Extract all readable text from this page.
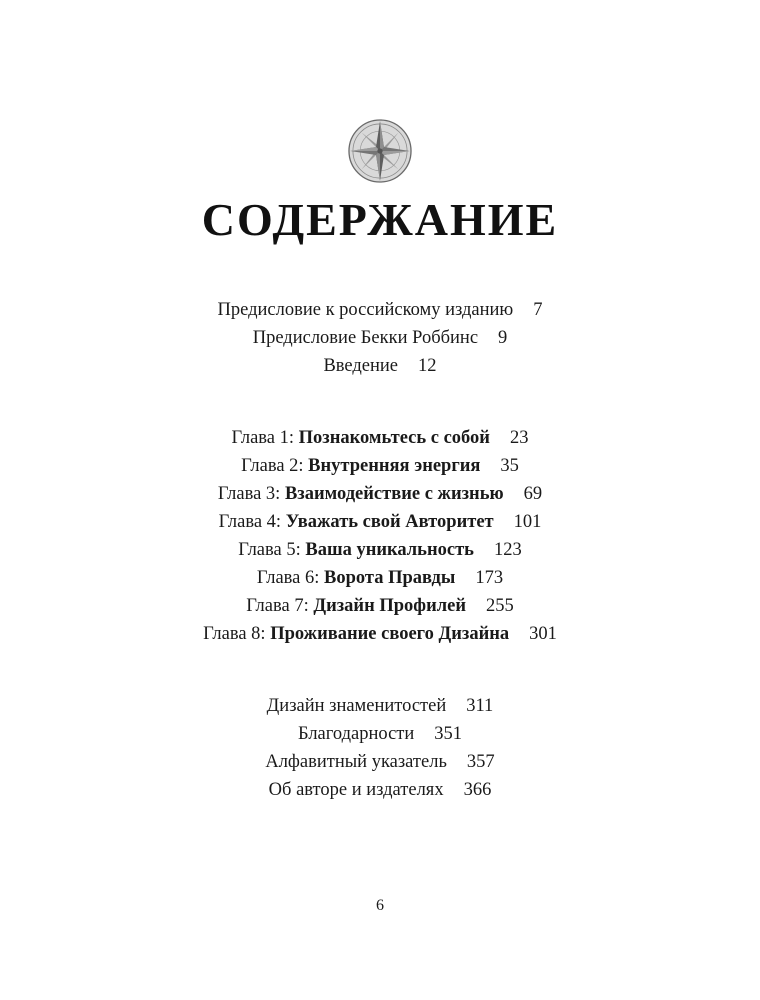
СОДЕРЖАНИЕ
Предисловие к российскому изданию 7
Предисловие Бекки Роббинс 9
Введение 12
Глава 1: Познакомьтесь с собой 23
Глава 2: Внутренняя энергия 35
Глава 3: Взаимодействие с жизнью 69
Глава 4: Уважать свой Авторитет 101
Глава 5: Ваша уникальность 123
Глава 6: Ворота Правды 173
Глава 7: Дизайн Профилей 255
Глава 8: Проживание своего Дизайна 301
Дизайн знаменитостей 311
Благодарности 351
Алфавитный указатель 357
Об авторе и издателях 366
6
